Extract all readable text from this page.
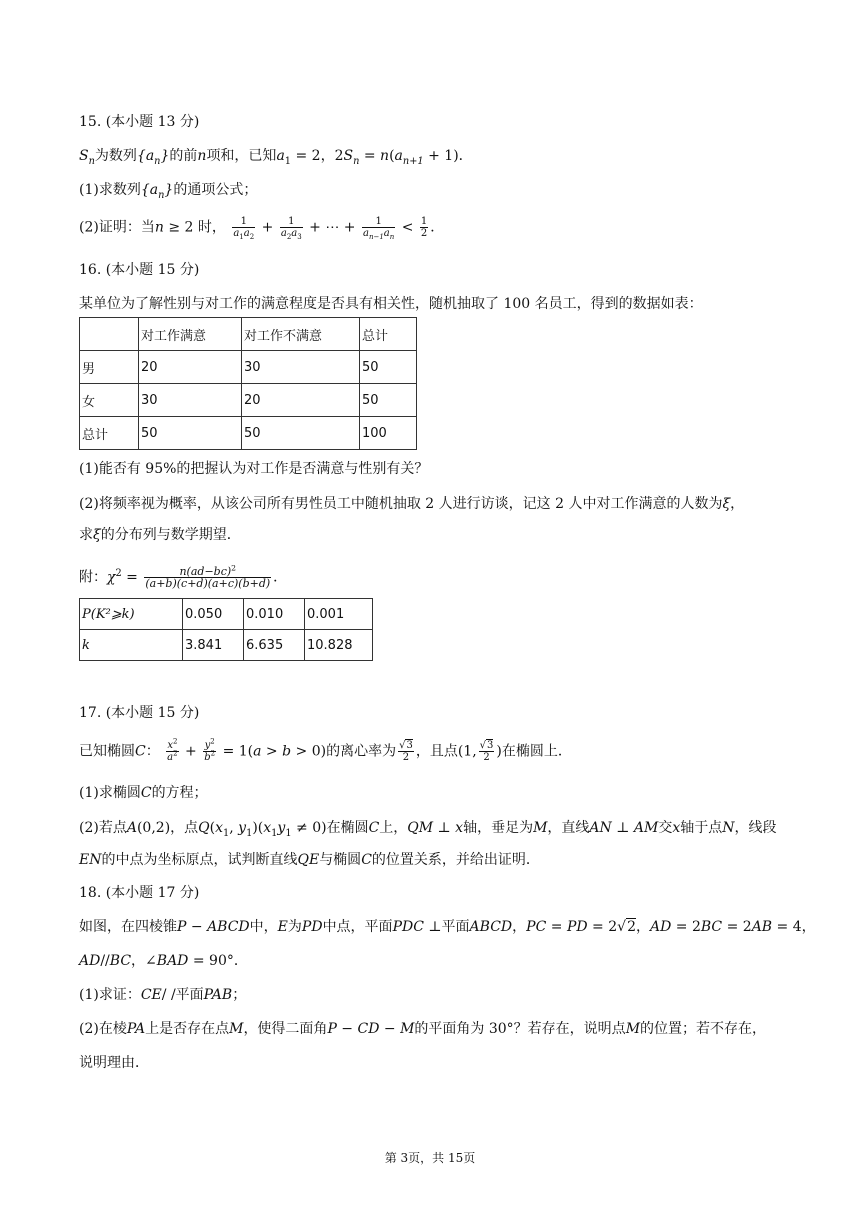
15. (本小题 13 分)
$S_n$为数列$\{a_n\}$的前n项和，已知$a_1 = 2$，$2S_n = n(a_{n+1} + 1)$．
(1)求数列$\{a_n\}$的通项公式；
(2)证明：当n ≥ 2 时， $\frac{1}{a_1a_2} + \frac{1}{a_2a_3}$ + ⋯ + $\frac{1}{a_{n-1}a_n} < \frac{1}{2}$ ．
16. (本小题 15 分)
某单位为了解性别与对工作的满意程度是否具有相关性，随机抽取了 100 名员工，得到的数据如表：
	对工作满意	对工作不满意	总计
男	20	30	50
女	30	20	50
总计	50	50	100
(1)能否有 95%的把握认为对工作是否满意与性别有关？
(2)将频率视为概率，从该公司所有男性员工中随机抽取 2 人进行访谈，记这 2 人中对工作满意的人数为ξ，
求ξ的分布列与数学期望．
附：$\chi^2 = \frac{n(ad-bc)^2}{(a+b)(c+d)(a+c)(b+d)}$ ．
P(K²⩾k)	0.050	0.010	0.001
k	3.841	6.635	10.828
17. (本小题 15 分)
已知椭圆C： $\frac{x^2}{a^2} + \frac{y^2}{b^2} = 1(a > b > 0)$的离心率为 $\frac{√3}{2}$ ，且点(1, $\frac{√3}{2}$ )在椭圆上．
(1)求椭圆C的方程；
(2)若点A(0,2)，点$Q(x_1$, $y_1)(x_1y_1 \ne 0)$在椭圆C上，QM ⊥ x轴，垂足为M，直线AN ⊥ AM交x轴于点N，线段
EN的中点为坐标原点，试判断直线QE与椭圆C的位置关系，并给出证明．
18. (本小题 17 分)
如图，在四棱锥P − ABCD中，E为PD中点，平面PDC ⊥平面ABCD，PC = PD = 2√2，AD = 2BC = 2AB = 4，
AD//BC，∠BAD = 90°．
(1)求证：CE/ /平面PAB；
(2)在棱PA上是否存在点M，使得二面角P − CD − M的平面角为 30°？若存在，说明点M的位置；若不存在，
说明理由．
第 3页，共 15页
